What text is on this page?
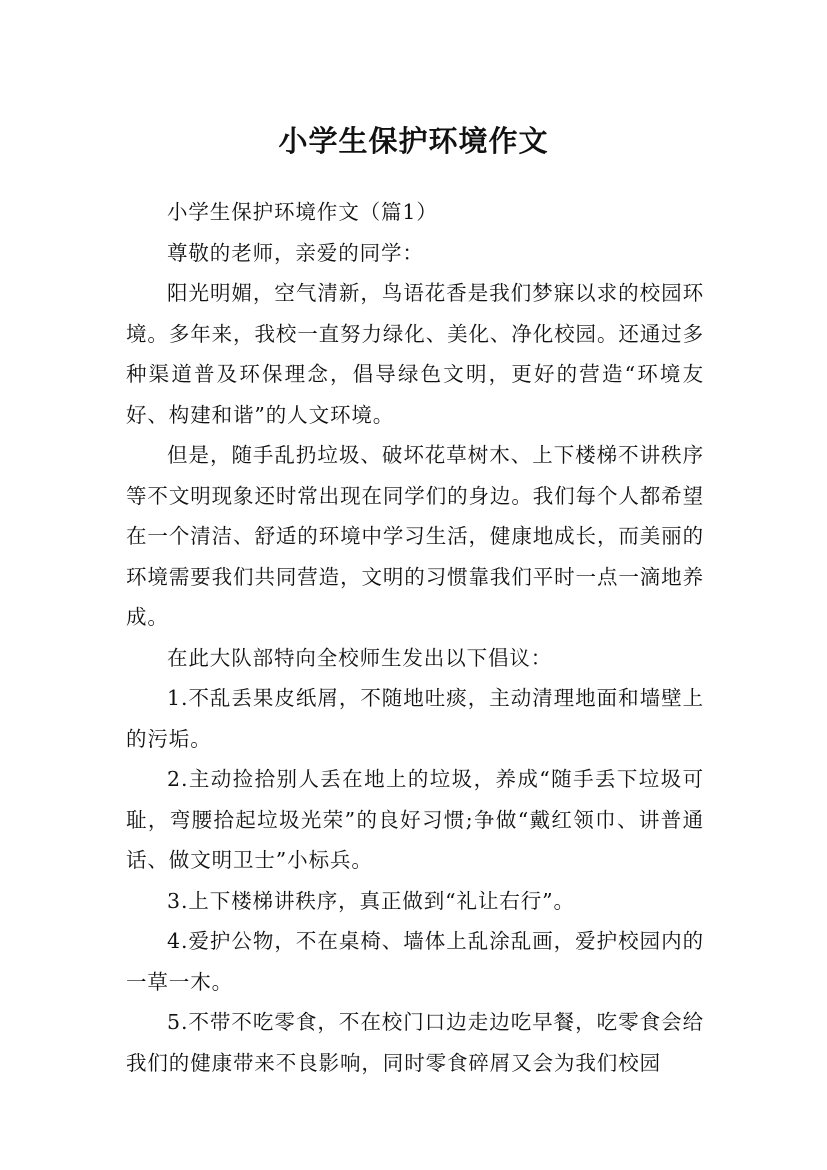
小学生保护环境作文

小学生保护环境作文（篇1）

尊敬的老师，亲爱的同学：

阳光明媚，空气清新，鸟语花香是我们梦寐以求的校园环境。多年来，我校一直努力绿化、美化、净化校园。还通过多种渠道普及环保理念，倡导绿色文明，更好的营造“环境友好、构建和谐”的人文环境。

但是，随手乱扔垃圾、破坏花草树木、上下楼梯不讲秩序等不文明现象还时常出现在同学们的身边。我们每个人都希望在一个清洁、舒适的环境中学习生活，健康地成长，而美丽的环境需要我们共同营造，文明的习惯靠我们平时一点一滴地养成。

在此大队部特向全校师生发出以下倡议：

1.不乱丢果皮纸屑，不随地吐痰，主动清理地面和墙壁上的污垢。

2.主动捡拾别人丢在地上的垃圾，养成“随手丢下垃圾可耻，弯腰拾起垃圾光荣”的良好习惯;争做“戴红领巾、讲普通话、做文明卫士”小标兵。

3.上下楼梯讲秩序，真正做到“礼让右行”。

4.爱护公物，不在桌椅、墙体上乱涂乱画，爱护校园内的一草一木。

5.不带不吃零食，不在校门口边走边吃早餐，吃零食会给我们的健康带来不良影响，同时零食碎屑又会为我们校园
